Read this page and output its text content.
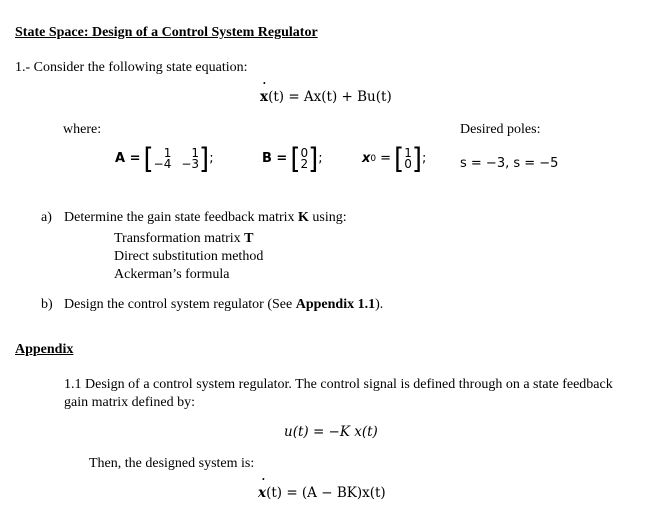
State Space: Design of a Control System Regulator
1.- Consider the following state equation:
˙ x(t) = Ax(t) + Bu(t)
where:	Desired poles:
A = [ 1	1
−4 −3 ] ;	B = [ 0
2 ] ;	x 0 = [ 1
0 ] ;	s = −3, s = −5
a) Determine the gain state feedback matrix K using:
Transformation matrix T
Direct substitution method
Ackerman’s formula
b) Design the control system regulator (See Appendix 1.1).
Appendix
1.1 Design of a control system regulator. The control signal is defined through on a state feedback
gain matrix defined by:
u(t) = −K x(t)
Then, the designed system is:
˙ x(t) = (A − BK)x(t)
